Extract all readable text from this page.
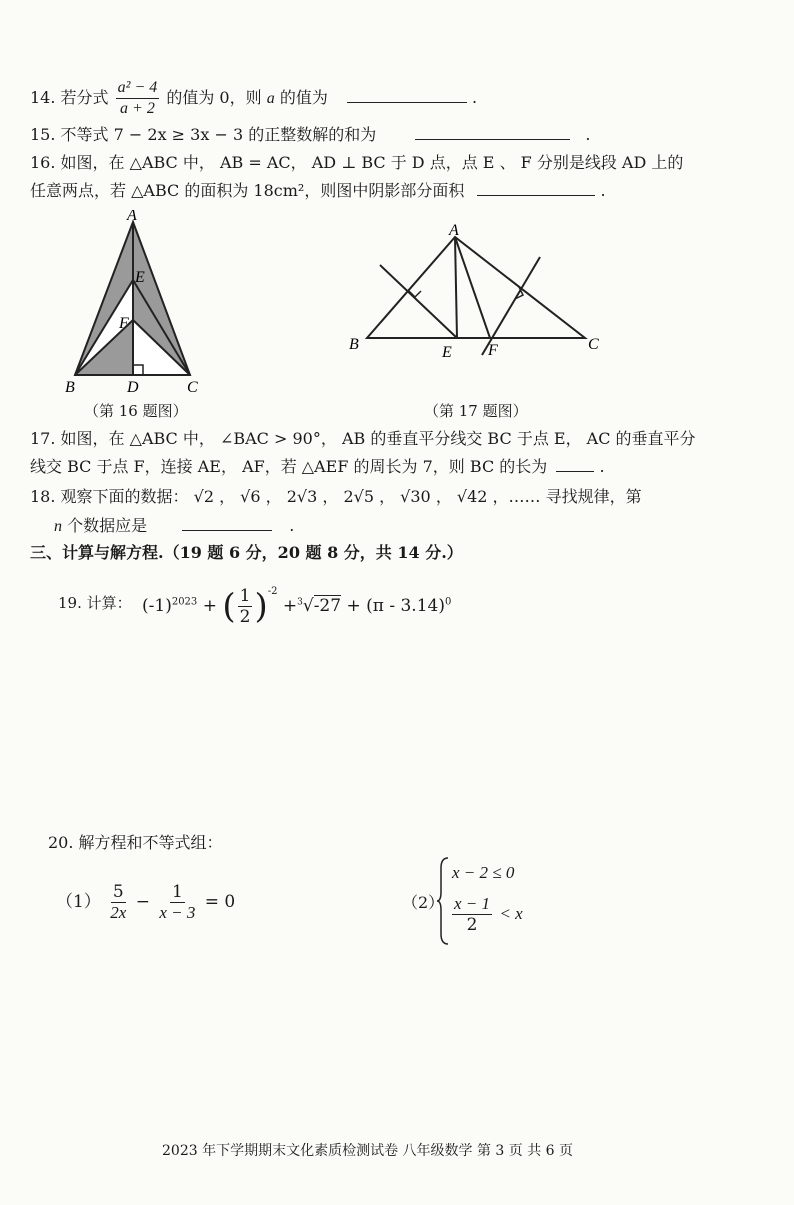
14. 若分式 $\frac{\text{a² − 4}}{a + 2}$ 的值为 0，则 a 的值为	.
15. 不等式 7 − 2x ≥ 3x − 3 的正整数解的和为	.
16. 如图，在 △ABC 中， AB = AC， AD ⊥ BC 于 D 点，点 E 、 F 分别是线段 AD 上的
任意两点，若 △ABC 的面积为 18cm²，则图中阴影部分面积	.
A
E
F
B	D	C
（第 16 题图）
A
B	E F	C
（第 17 题图）
17. 如图，在 △ABC 中， ∠BAC > 90°， AB 的垂直平分线交 BC 于点 E， AC 的垂直平分
线交 BC 于点 F，连接 AE， AF，若 △AEF 的周长为 7，则 BC 的长为	.
18. 观察下面的数据： √2 ， √6 ， 2√3 ， 2√5 ， √30 ， √42 ，…… 寻找规律，第
n 个数据应是	.
三、计算与解方程.（19 题 6 分，20 题 8 分，共 14 分.）
19. 计算： $(-1)^{2023}$ + ( $\frac{1}{2} )^{-2} +^3√-27 + (\pi - 3.14)^0$
20. 解方程和不等式组：
$(1) \frac{5}{2x} - \frac{1}{x - 3} = 0$	（2）
x − 2 ≤ 0
$\frac{x - 1}{2} < x$
2023 年下学期期末文化素质检测试卷 八年级数学 第 3 页 共 6 页
